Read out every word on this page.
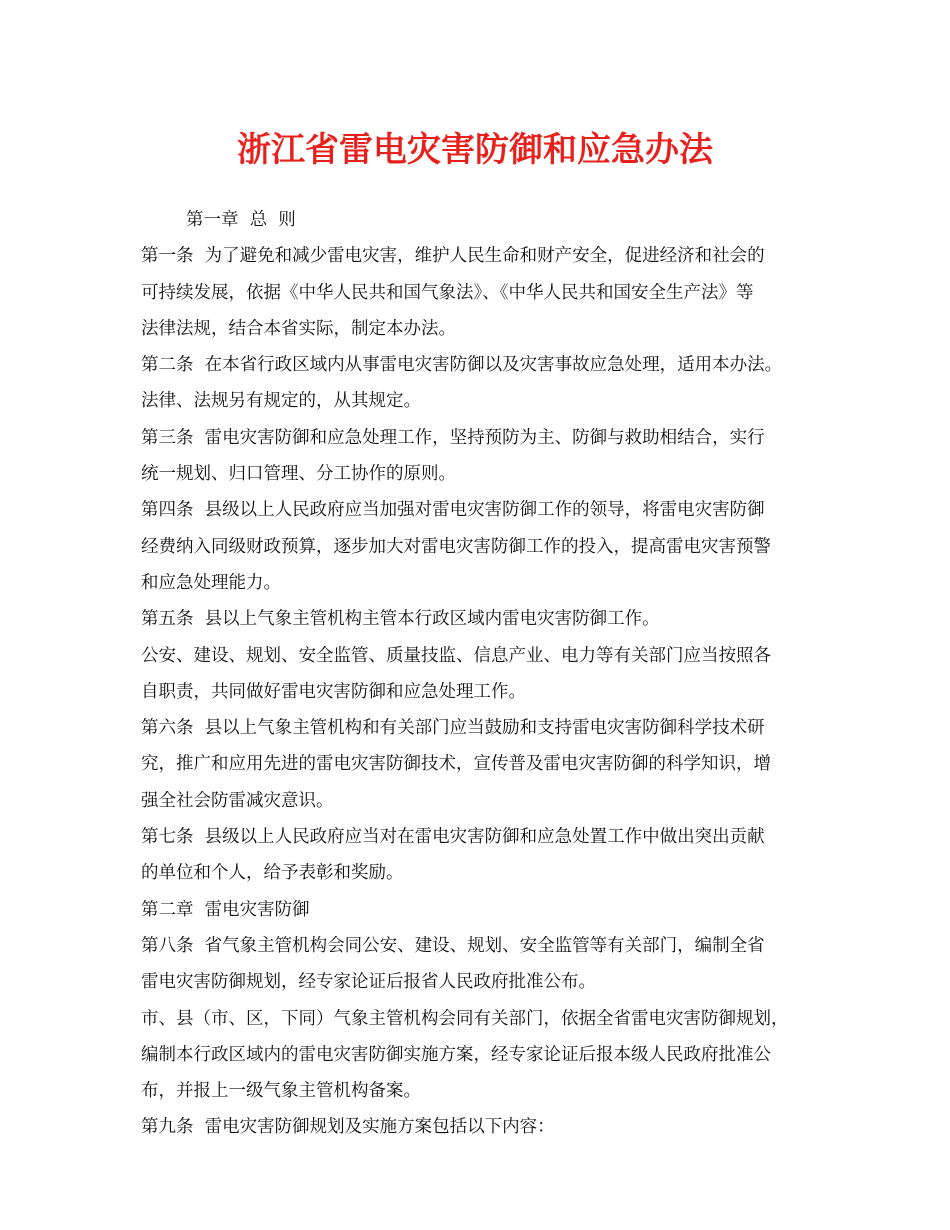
浙江省雷电灾害防御和应急办法
第一章  总  则
第一条  为了避免和减少雷电灾害，维护人民生命和财产安全，促进经济和社会的
可持续发展，依据《中华人民共和国气象法》、《中华人民共和国安全生产法》等
法律法规，结合本省实际，制定本办法。
第二条  在本省行政区域内从事雷电灾害防御以及灾害事故应急处理，适用本办法。
法律、法规另有规定的，从其规定。
第三条  雷电灾害防御和应急处理工作，坚持预防为主、防御与救助相结合，实行
统一规划、归口管理、分工协作的原则。
第四条  县级以上人民政府应当加强对雷电灾害防御工作的领导，将雷电灾害防御
经费纳入同级财政预算，逐步加大对雷电灾害防御工作的投入，提高雷电灾害预警
和应急处理能力。
第五条  县以上气象主管机构主管本行政区域内雷电灾害防御工作。
公安、建设、规划、安全监管、质量技监、信息产业、电力等有关部门应当按照各
自职责，共同做好雷电灾害防御和应急处理工作。
第六条  县以上气象主管机构和有关部门应当鼓励和支持雷电灾害防御科学技术研
究，推广和应用先进的雷电灾害防御技术，宣传普及雷电灾害防御的科学知识，增
强全社会防雷减灾意识。
第七条  县级以上人民政府应当对在雷电灾害防御和应急处置工作中做出突出贡献
的单位和个人，给予表彰和奖励。
第二章  雷电灾害防御
第八条  省气象主管机构会同公安、建设、规划、安全监管等有关部门，编制全省
雷电灾害防御规划，经专家论证后报省人民政府批准公布。
市、县（市、区，下同）气象主管机构会同有关部门，依据全省雷电灾害防御规划，
编制本行政区域内的雷电灾害防御实施方案，经专家论证后报本级人民政府批准公
布，并报上一级气象主管机构备案。
第九条  雷电灾害防御规划及实施方案包括以下内容：
